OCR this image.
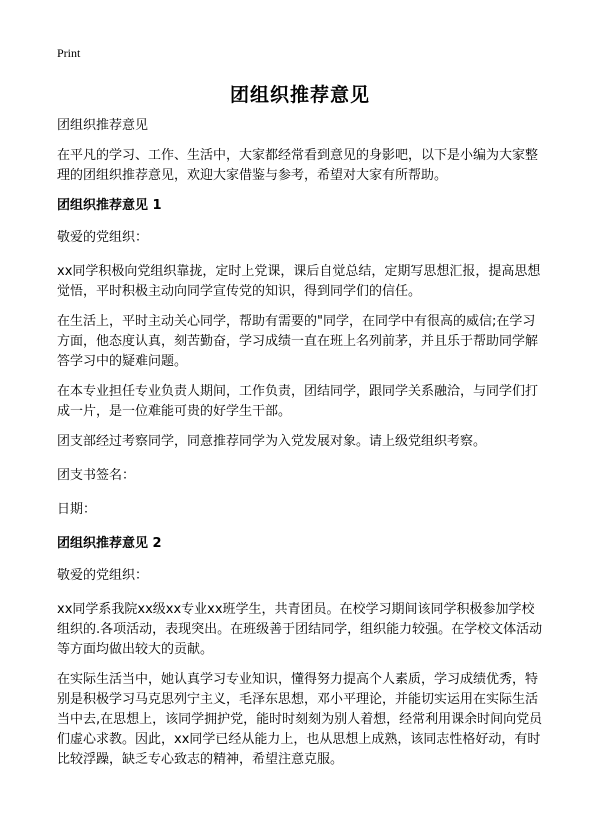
Print
团组织推荐意见

团组织推荐意见

在平凡的学习、工作、生活中，大家都经常看到意见的身影吧，以下是小编为大家整理的团组织推荐意见，欢迎大家借鉴与参考，希望对大家有所帮助。

团组织推荐意见 1

敬爱的党组织：

xx同学积极向党组织靠拢，定时上党课，课后自觉总结，定期写思想汇报，提高思想觉悟，平时积极主动向同学宣传党的知识，得到同学们的信任。

在生活上，平时主动关心同学，帮助有需要的"同学，在同学中有很高的威信;在学习方面，他态度认真，刻苦勤奋，学习成绩一直在班上名列前茅，并且乐于帮助同学解答学习中的疑难问题。

在本专业担任专业负责人期间，工作负责，团结同学，跟同学关系融洽，与同学们打成一片，是一位难能可贵的好学生干部。

团支部经过考察同学，同意推荐同学为入党发展对象。请上级党组织考察。

团支书签名：

日期：

团组织推荐意见 2

敬爱的党组织：

xx同学系我院xx级xx专业xx班学生，共青团员。在校学习期间该同学积极参加学校组织的.各项活动，表现突出。在班级善于团结同学，组织能力较强。在学校文体活动等方面均做出较大的贡献。

在实际生活当中，她认真学习专业知识，懂得努力提高个人素质，学习成绩优秀，特别是积极学习马克思列宁主义，毛泽东思想，邓小平理论，并能切实运用在实际生活当中去,在思想上，该同学拥护党，能时时刻刻为别人着想，经常利用课余时间向党员们虚心求教。因此，xx同学已经从能力上，也从思想上成熟，该同志性格好动，有时比较浮躁，缺乏专心致志的精神，希望注意克服。
